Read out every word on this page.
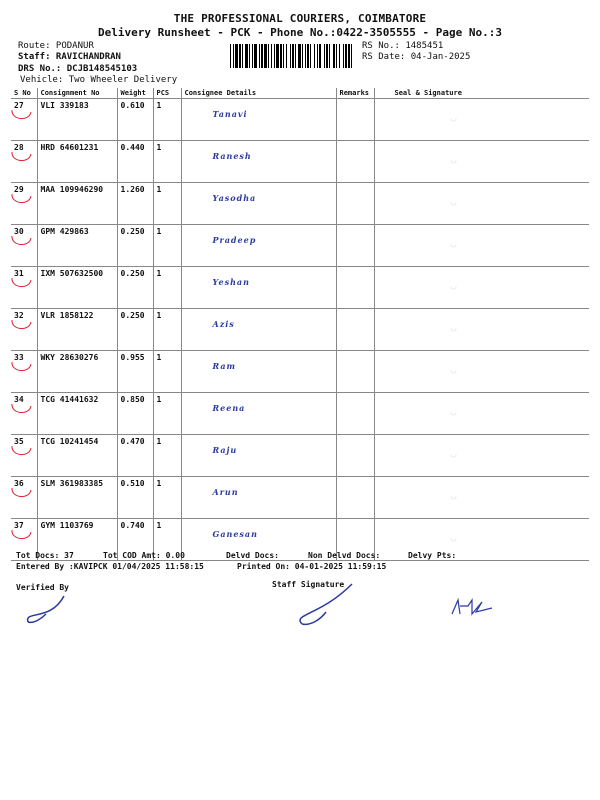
THE PROFESSIONAL COURIERS, COIMBATORE
Delivery Runsheet - PCK - Phone No.:0422-3505555 - Page No.:3
Route: PODANUR
Staff: RAVICHANDRAN
DRS No.: DCJB148545103
Vehicle: Two Wheeler Delivery
RS No.: 1485451
RS Date: 04-Jan-2025
S No	Consignment No	Weight	PCS	Consignee Details	Remarks	Seal & Signature

27	VLI 339183	0.610	1	Tanavi		◡

28	HRD 64601231	0.440	1	Ranesh		◡

29	MAA 109946290	1.260	1	Yasodha		◡

30	GPM 429863	0.250	1	Pradeep		◡

31	IXM 507632500	0.250	1	Yeshan		◡

32	VLR 1858122	0.250	1	Azis		◡

33	WKY 28630276	0.955	1	Ram		◡

34	TCG 41441632	0.850	1	Reena		◡

35	TCG 10241454	0.470	1	Raju		◡

36	SLM 361983385	0.510	1	Arun		◡

37	GYM 1103769	0.740	1	Ganesan		◡
Tot Docs: 37	Tot COD Amt: 0.00	Delvd Docs:	Non Delvd Docs:	Delvy Pts:
Entered By :KAVIPCK 01/04/2025 11:58:15	Printed On: 04-01-2025 11:59:15
Verified By	Staff Signature
